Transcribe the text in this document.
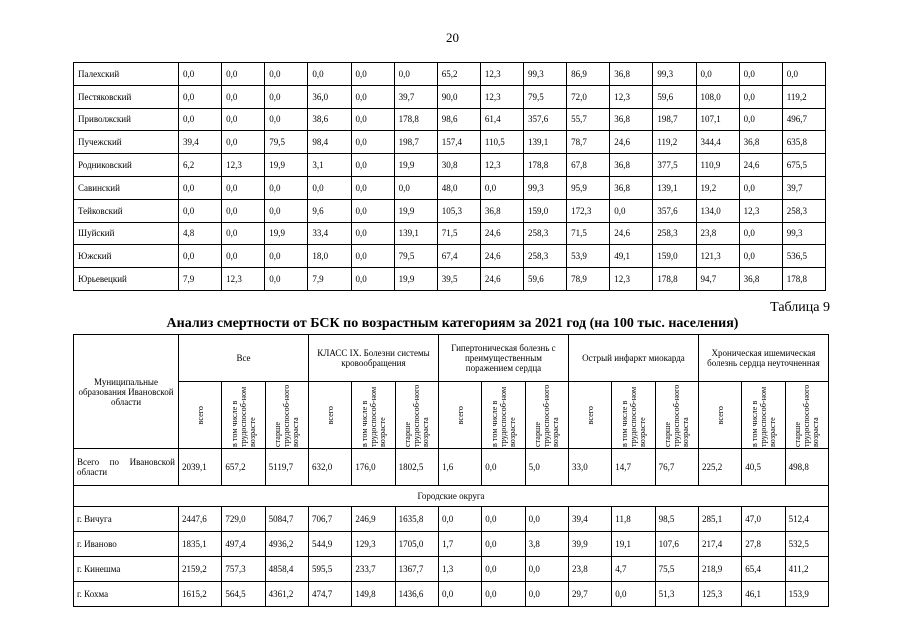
20
Палехский	0,0	0,0	0,0	0,0	0,0	0,0	65,2	12,3	99,3	86,9	36,8	99,3	0,0	0,0	0,0
Пестяковский	0,0	0,0	0,0	36,0	0,0	39,7	90,0	12,3	79,5	72,0	12,3	59,6	108,0	0,0	119,2
Приволжский	0,0	0,0	0,0	38,6	0,0	178,8	98,6	61,4	357,6	55,7	36,8	198,7	107,1	0,0	496,7
Пучежский	39,4	0,0	79,5	98,4	0,0	198,7	157,4	110,5	139,1	78,7	24,6	119,2	344,4	36,8	635,8
Родниковский	6,2	12,3	19,9	3,1	0,0	19,9	30,8	12,3	178,8	67,8	36,8	377,5	110,9	24,6	675,5
Савинский	0,0	0,0	0,0	0,0	0,0	0,0	48,0	0,0	99,3	95,9	36,8	139,1	19,2	0,0	39,7
Тейковский	0,0	0,0	0,0	9,6	0,0	19,9	105,3	36,8	159,0	172,3	0,0	357,6	134,0	12,3	258,3
Шуйский	4,8	0,0	19,9	33,4	0,0	139,1	71,5	24,6	258,3	71,5	24,6	258,3	23,8	0,0	99,3
Южский	0,0	0,0	0,0	18,0	0,0	79,5	67,4	24,6	258,3	53,9	49,1	159,0	121,3	0,0	536,5
Юрьевецкий	7,9	12,3	0,0	7,9	0,0	19,9	39,5	24,6	59,6	78,9	12,3	178,8	94,7	36,8	178,8
Таблица 9
Анализ смертности от БСК по возрастным категориям за 2021 год (на 100 тыс. населения)
Муниципальные образования Ивановской области	Все			КЛАСС IX. Болезни системы кровообращения			Гипертоническая болезнь с преимущественным поражением сердца			Острый инфаркт миокарда			Хроническая ишемическая болезнь сердца неуточненная		

	всего	в том числе в трудоспособ-ном возрасте	старше трудоспособ-ного возраста	всего	в том числе в трудоспособ-ном возрасте	старше трудоспособ-ного возраста	всего	в том числе в трудоспособ-ном возрасте	старше трудоспособ-ного возраста	всего	в том числе в трудоспособ-ном возрасте	старше трудоспособ-ного возраста	всего	в том числе в трудоспособ-ном возрасте	старше трудоспособ-ного возраста

Всего по Ивановской области	2039,1	657,2	5119,7	632,0	176,0	1802,5	1,6	0,0	5,0	33,0	14,7	76,7	225,2	40,5	498,8
Городские округа															
г. Вичуга	2447,6	729,0	5084,7	706,7	246,9	1635,8	0,0	0,0	0,0	39,4	11,8	98,5	285,1	47,0	512,4
г. Иваново	1835,1	497,4	4936,2	544,9	129,3	1705,0	1,7	0,0	3,8	39,9	19,1	107,6	217,4	27,8	532,5
г. Кинешма	2159,2	757,3	4858,4	595,5	233,7	1367,7	1,3	0,0	0,0	23,8	4,7	75,5	218,9	65,4	411,2
г. Кохма	1615,2	564,5	4361,2	474,7	149,8	1436,6	0,0	0,0	0,0	29,7	0,0	51,3	125,3	46,1	153,9
